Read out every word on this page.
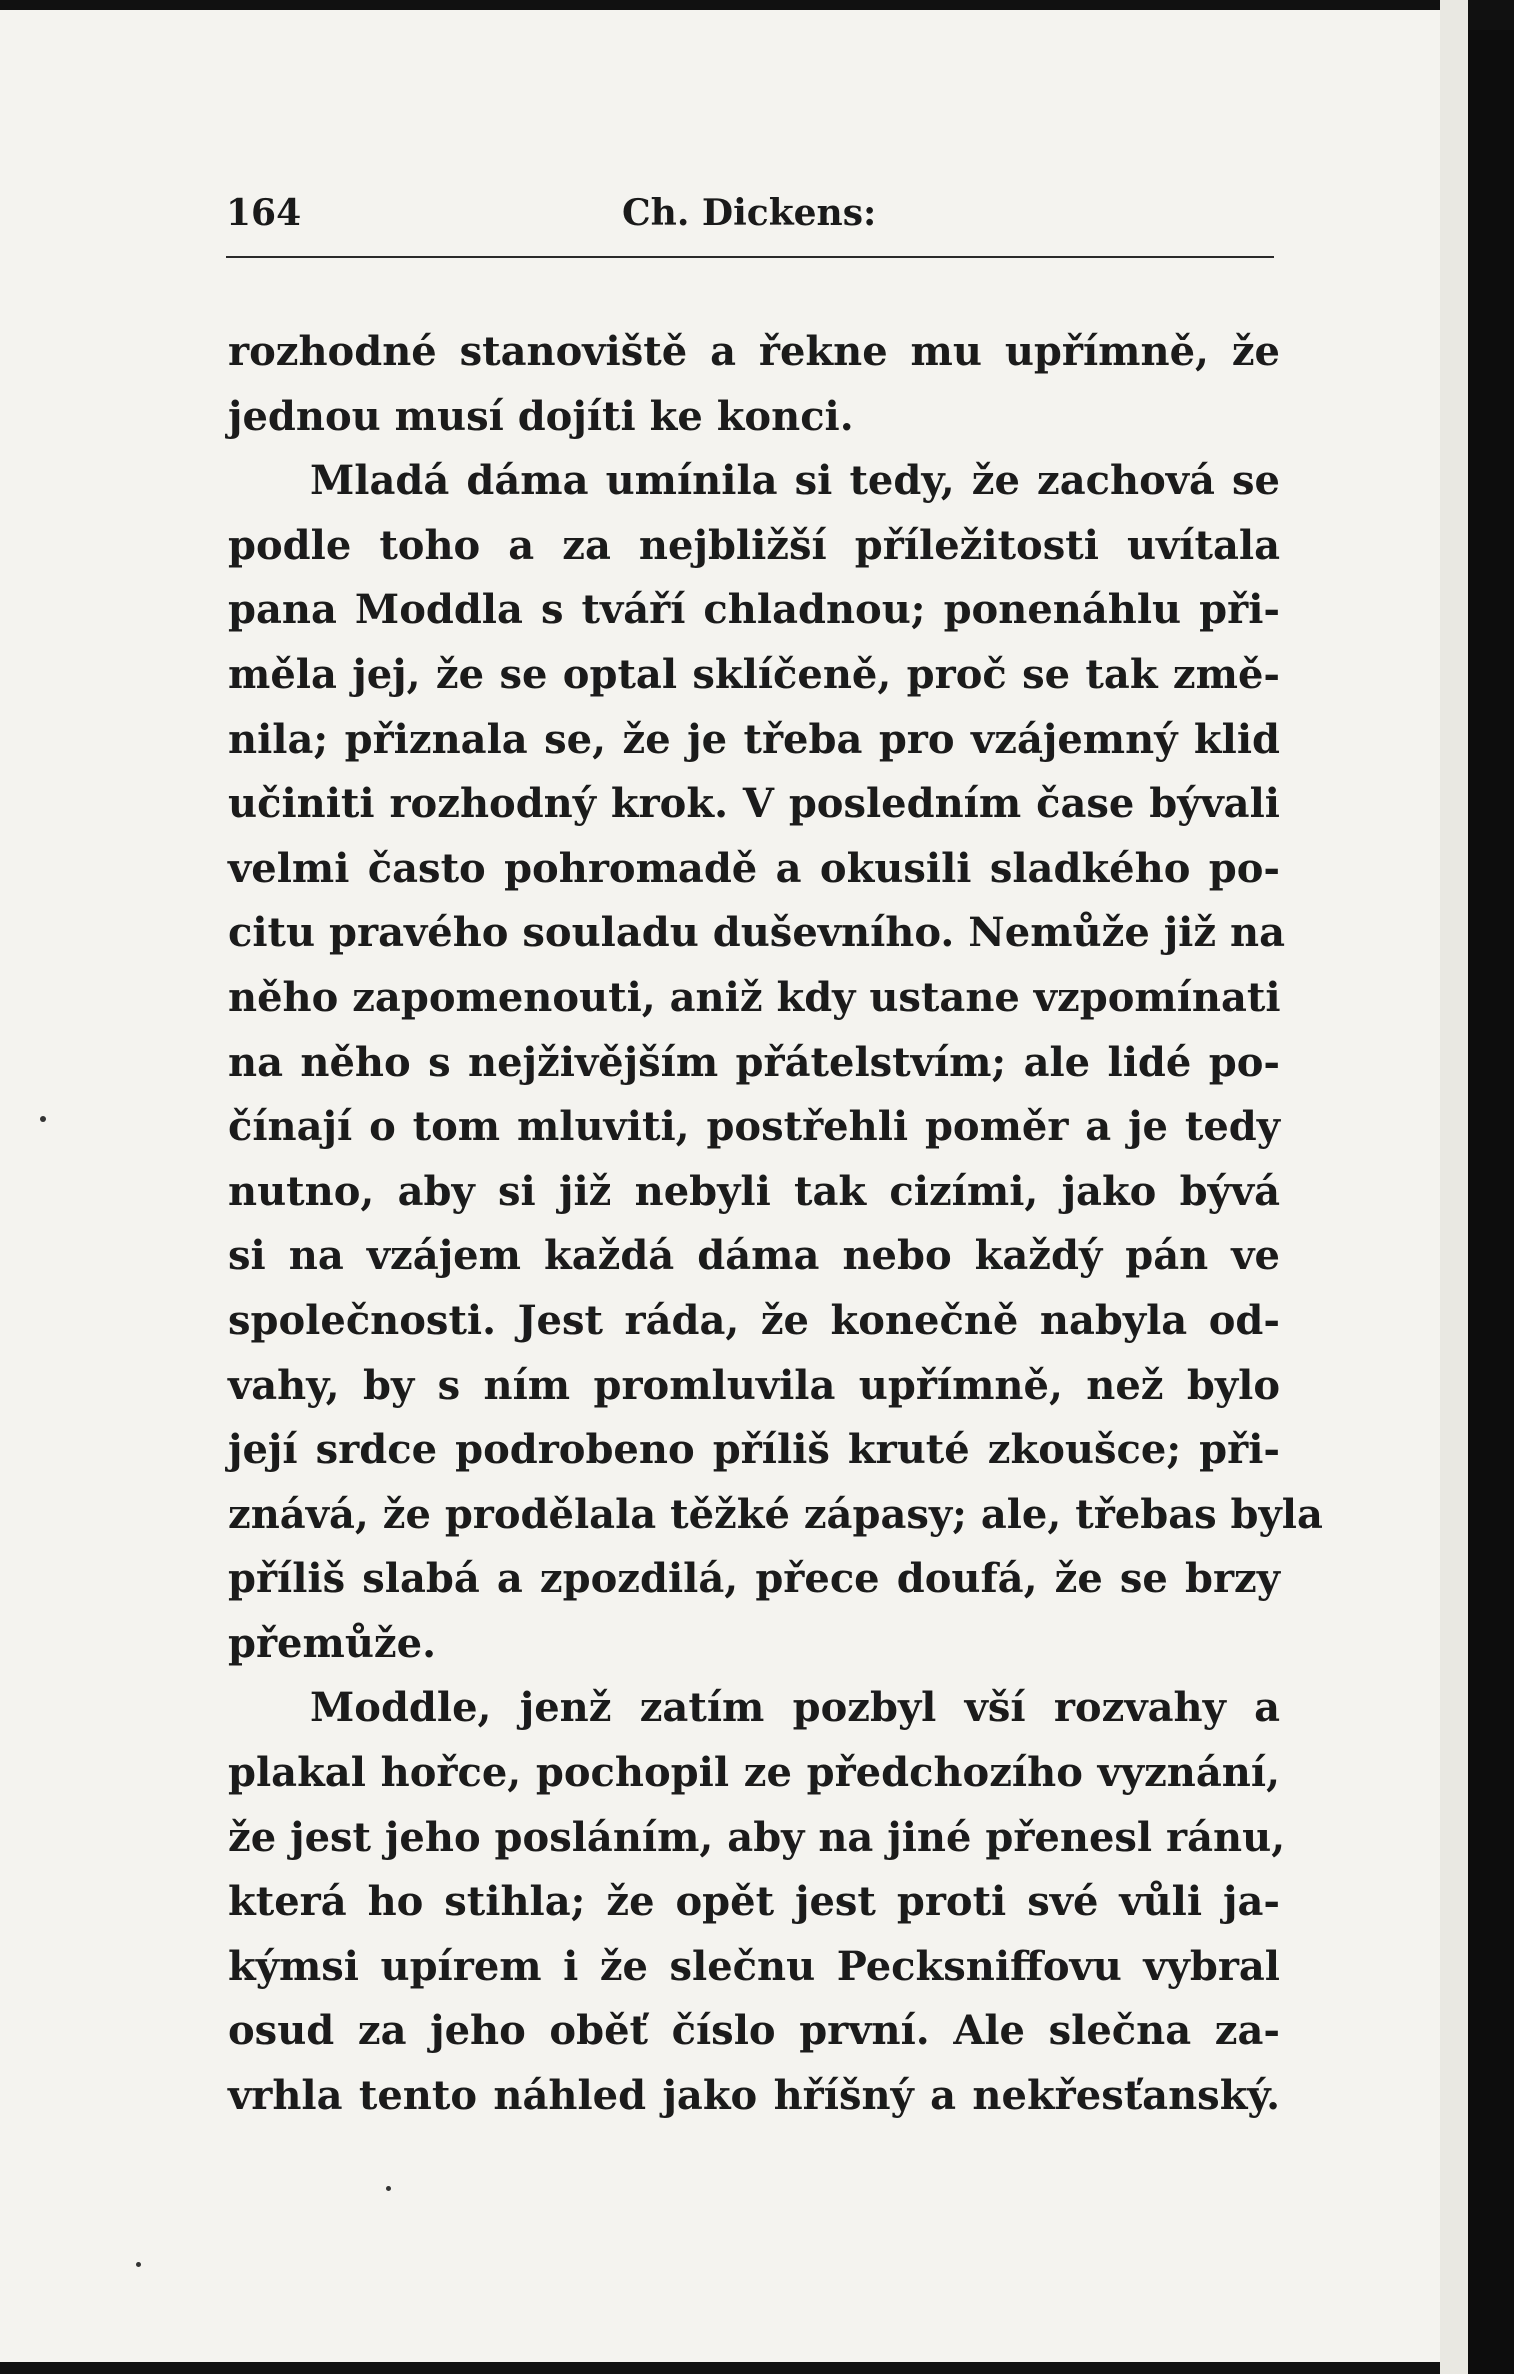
164	Ch. Dickens:
rozhodné stanoviště a řekne mu upřímně, že
jednou musí dojíti ke konci.
Mladá dáma umínila si tedy, že zachová se
podle toho a za nejbližší příležitosti uvítala
pana Moddla s tváří chladnou; ponenáhlu při-
měla jej, že se optal sklíčeně, proč se tak změ-
nila; přiznala se, že je třeba pro vzájemný klid
učiniti rozhodný krok. V posledním čase bývali
velmi často pohromadě a okusili sladkého po-
citu pravého souladu duševního. Nemůže již na
něho zapomenouti, aniž kdy ustane vzpomínati
na něho s nejživějším přátelstvím; ale lidé po-
čínají o tom mluviti, postřehli poměr a je tedy
nutno, aby si již nebyli tak cizími, jako bývá
si na vzájem každá dáma nebo každý pán ve
společnosti. Jest ráda, že konečně nabyla od-
vahy, by s ním promluvila upřímně, než bylo
její srdce podrobeno příliš kruté zkoušce; při-
znává, že prodělala těžké zápasy; ale, třebas byla
příliš slabá a zpozdilá, přece doufá, že se brzy
přemůže.
Moddle, jenž zatím pozbyl vší rozvahy a
plakal hořce, pochopil ze předchozího vyznání,
že jest jeho posláním, aby na jiné přenesl ránu,
která ho stihla; že opět jest proti své vůli ja-
kýmsi upírem i že slečnu Pecksniffovu vybral
osud za jeho oběť číslo první. Ale slečna za-
vrhla tento náhled jako hříšný a nekřesťanský.
